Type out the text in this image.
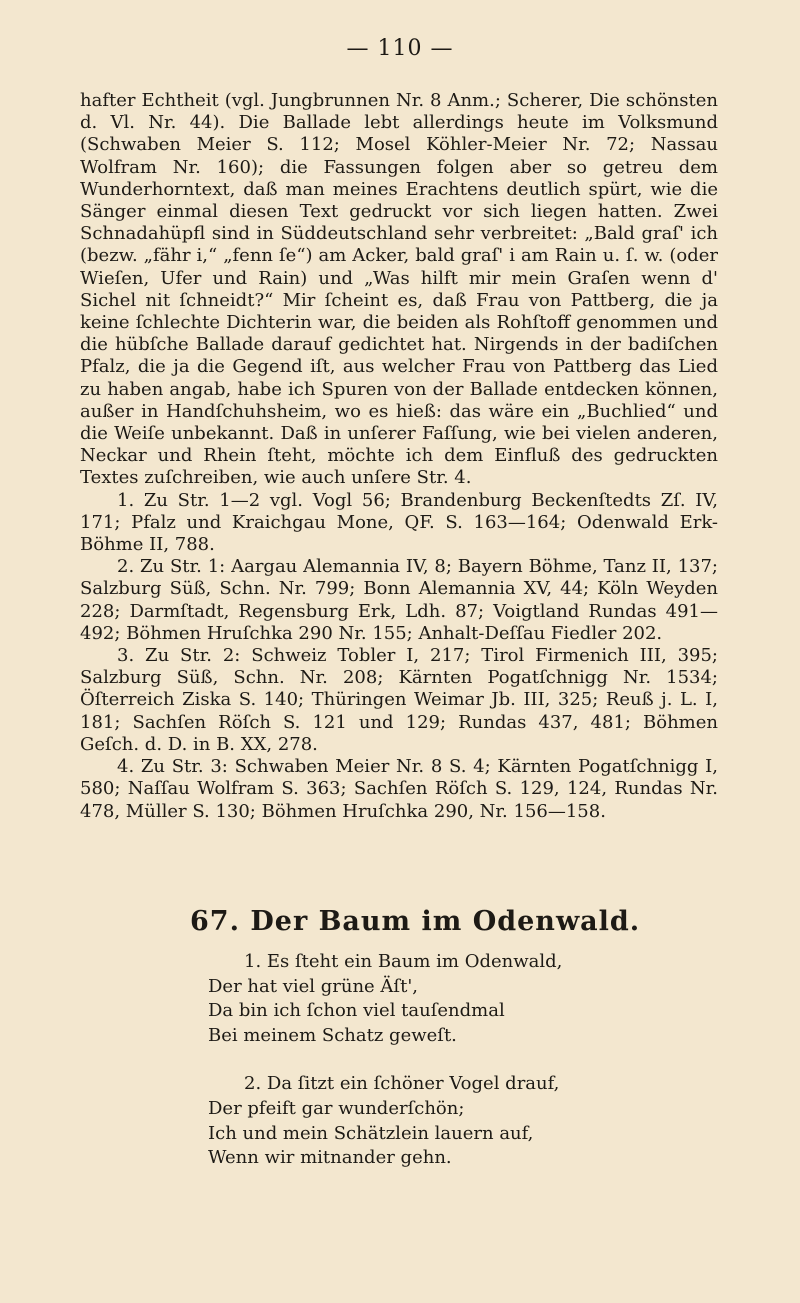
— 110 —

hafter Echtheit (vgl. Jungbrunnen Nr. 8 Anm.; Scherer, Die schönsten d. Vl. Nr. 44). Die Ballade lebt allerdings heute im Volksmund (Schwaben Meier S. 112; Mosel Köhler-Meier Nr. 72; Nassau Wolfram Nr. 160); die Fassungen folgen aber so getreu dem Wunderhorntext, daß man meines Erachtens deutlich spürt, wie die Sänger einmal diesen Text gedruckt vor sich liegen hatten. Zwei Schnadahüpfl sind in Süddeutschland sehr verbreitet: „Bald graſ' ich (bezw. „fähr i,“ „fenn ſe“) am Acker, bald graſ' i am Rain u. ſ. w. (oder Wieſen, Ufer und Rain) und „Was hilft mir mein Graſen wenn d' Sichel nit ſchneidt?“ Mir ſcheint es, daß Frau von Pattberg, die ja keine ſchlechte Dichterin war, die beiden als Rohſtoff genommen und die hübſche Ballade darauf gedichtet hat. Nirgends in der badiſchen Pfalz, die ja die Gegend iſt, aus welcher Frau von Pattberg das Lied zu haben angab, habe ich Spuren von der Ballade entdecken können, außer in Handſchuhsheim, wo es hieß: das wäre ein „Buchlied“ und die Weiſe unbekannt. Daß in unſerer Faſſung, wie bei vielen anderen, Neckar und Rhein ſteht, möchte ich dem Einfluß des gedruckten Textes zuſchreiben, wie auch unſere Str. 4.

1. Zu Str. 1—2 vgl. Vogl 56; Brandenburg Beckenſtedts Zſ. IV, 171; Pfalz und Kraichgau Mone, QF. S. 163—164; Odenwald Erk-Böhme II, 788.

2. Zu Str. 1: Aargau Alemannia IV, 8; Bayern Böhme, Tanz II, 137; Salzburg Süß, Schn. Nr. 799; Bonn Alemannia XV, 44; Köln Weyden 228; Darmſtadt, Regensburg Erk, Ldh. 87; Voigtland Rundas 491—492; Böhmen Hruſchka 290 Nr. 155; Anhalt-Deſſau Fiedler 202.

3. Zu Str. 2: Schweiz Tobler I, 217; Tirol Firmenich III, 395; Salzburg Süß, Schn. Nr. 208; Kärnten Pogatſchnigg Nr. 1534; Öſterreich Ziska S. 140; Thüringen Weimar Jb. III, 325; Reuß j. L. I, 181; Sachſen Röſch S. 121 und 129; Rundas 437, 481; Böhmen Geſch. d. D. in B. XX, 278.

4. Zu Str. 3: Schwaben Meier Nr. 8 S. 4; Kärnten Pogatſchnigg I, 580; Naſſau Wolfram S. 363; Sachſen Röſch S. 129, 124, Rundas Nr. 478, Müller S. 130; Böhmen Hruſchka 290, Nr. 156—158.

67. Der Baum im Odenwald.
1. Es ſteht ein Baum im Odenwald,
Der hat viel grüne Äſt',
Da bin ich ſchon viel tauſendmal
Bei meinem Schatz geweſt.
2. Da ſitzt ein ſchöner Vogel drauf,
Der pfeift gar wunderſchön;
Ich und mein Schätzlein lauern auf,
Wenn wir mitnander gehn.
